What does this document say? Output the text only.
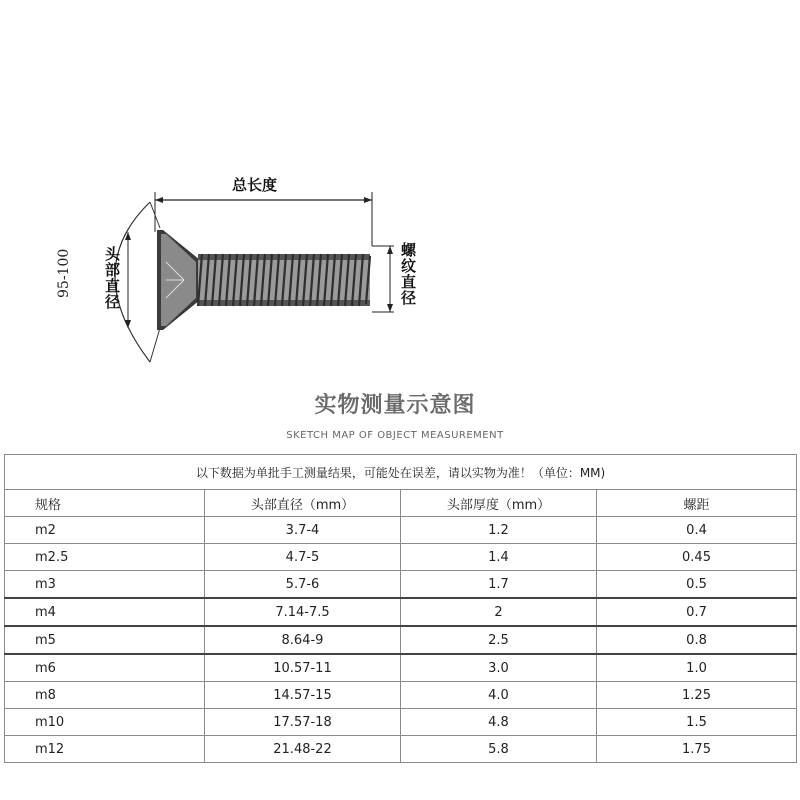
总长度
头部直径	螺纹直径
95-100
实物测量示意图
SKETCH MAP OF OBJECT MEASUREMENT
以下数据为单批手工测量结果，可能处在误差，请以实物为准！（单位：MM)			
规格	头部直径（mm）	头部厚度（mm）	螺距
m2	3.7-4	1.2	0.4
m2.5	4.7-5	1.4	0.45
m3	5.7-6	1.7	0.5
m4	7.14-7.5	2	0.7
m5	8.64-9	2.5	0.8
m6	10.57-11	3.0	1.0
m8	14.57-15	4.0	1.25
m10	17.57-18	4.8	1.5
m12	21.48-22	5.8	1.75
